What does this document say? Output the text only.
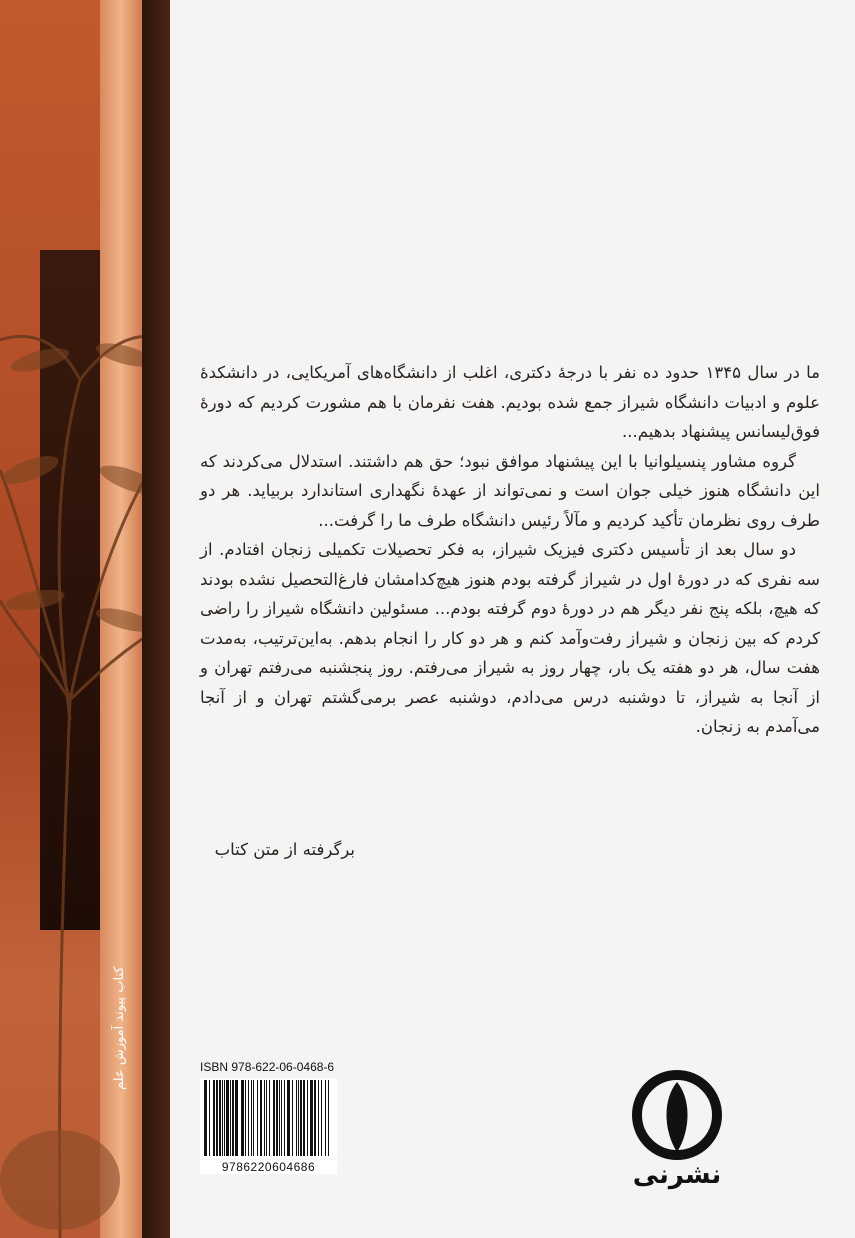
کتاب پیوند آموزش علم

ما در سال ۱۳۴۵ حدود ده نفر با درجهٔ دکتری، اغلب از دانشگاه‌های آمریکایی، در دانشکدهٔ علوم و ادبیات دانشگاه شیراز جمع شده بودیم. هفت نفرمان با هم مشورت کردیم که دورهٔ فوق‌لیسانس پیشنهاد بدهیم...

گروه مشاور پنسیلوانیا با این پیشنهاد موافق نبود؛ حق هم داشتند. استدلال می‌کردند که این دانشگاه هنوز خیلی جوان است و نمی‌تواند از عهدهٔ نگهداری استاندارد بربیاید. هر دو طرف روی نظرمان تأکید کردیم و مآلاً رئیس دانشگاه طرف ما را گرفت...

دو سال بعد از تأسیس دکتری فیزیک شیراز، به فکر تحصیلات تکمیلی زنجان افتادم. از سه نفری که در دورهٔ اول در شیراز گرفته بودم هنوز هیچ‌کدامشان فارغ‌التحصیل نشده بودند که هیچ، بلکه پنج نفر دیگر هم در دورهٔ دوم گرفته بودم... مسئولین دانشگاه شیراز را راضی کردم که بین زنجان و شیراز رفت‌وآمد کنم و هر دو کار را انجام بدهم. به‌این‌ترتیب، به‌مدت هفت سال، هر دو هفته یک بار، چهار روز به شیراز می‌رفتم. روز پنجشنبه می‌رفتم تهران و از آنجا به شیراز، تا دوشنبه درس می‌دادم، دوشنبه عصر برمی‌گشتم تهران و از آنجا می‌آمدم به زنجان.

برگرفته از متن کتاب
ISBN 978-622-06-0468-6
9786220604686	نشرنی
